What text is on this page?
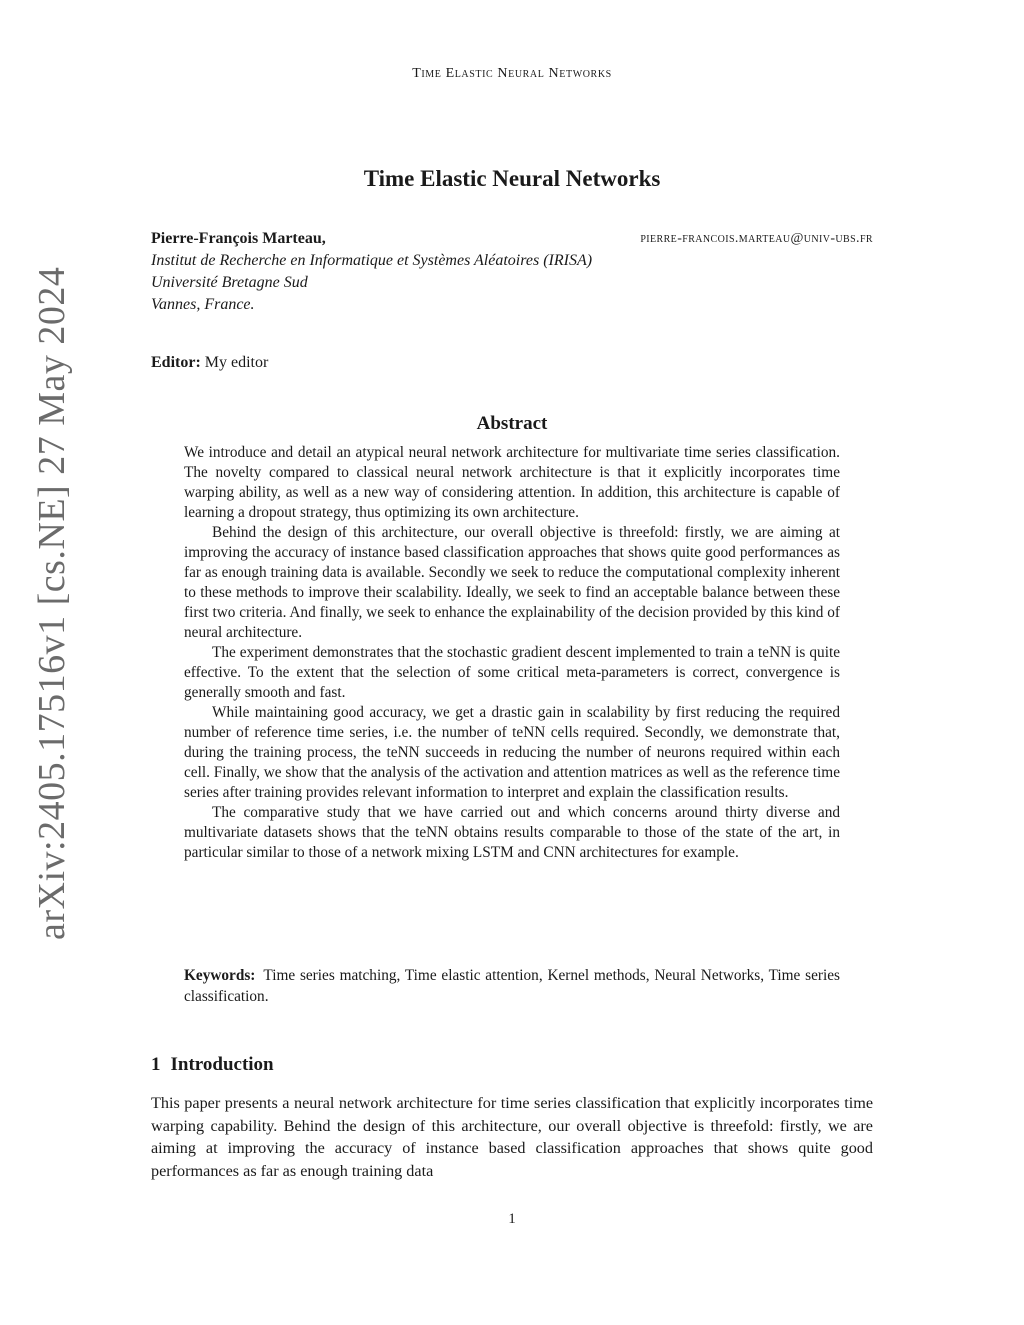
Time Elastic Neural Networks
arXiv:2405.17516v1 [cs.NE] 27 May 2024
Time Elastic Neural Networks
Pierre-François Marteau,	pierre-francois.marteau@univ-ubs.fr
Institut de Recherche en Informatique et Systèmes Aléatoires (IRISA)
Université Bretagne Sud
Vannes, France.
Editor: My editor
Abstract

We introduce and detail an atypical neural network architecture for multivariate time series classification. The novelty compared to classical neural network architecture is that it explicitly incorporates time warping ability, as well as a new way of considering attention. In addition, this architecture is capable of learning a dropout strategy, thus optimizing its own architecture.

Behind the design of this architecture, our overall objective is threefold: firstly, we are aiming at improving the accuracy of instance based classification approaches that shows quite good performances as far as enough training data is available. Secondly we seek to reduce the computational complexity inherent to these methods to improve their scalability. Ideally, we seek to find an acceptable balance between these first two criteria. And finally, we seek to enhance the explainability of the decision provided by this kind of neural architecture.

The experiment demonstrates that the stochastic gradient descent implemented to train a teNN is quite effective. To the extent that the selection of some critical meta-parameters is correct, convergence is generally smooth and fast.

While maintaining good accuracy, we get a drastic gain in scalability by first reducing the required number of reference time series, i.e. the number of teNN cells required. Secondly, we demonstrate that, during the training process, the teNN succeeds in reducing the number of neurons required within each cell. Finally, we show that the analysis of the activation and attention matrices as well as the reference time series after training provides relevant information to interpret and explain the classification results.

The comparative study that we have carried out and which concerns around thirty diverse and multivariate datasets shows that the teNN obtains results comparable to those of the state of the art, in particular similar to those of a network mixing LSTM and CNN architectures for example.

Keywords: Time series matching, Time elastic attention, Kernel methods, Neural Networks, Time series classification.
1 Introduction

This paper presents a neural network architecture for time series classification that explicitly incorporates time warping capability. Behind the design of this architecture, our overall objective is threefold: firstly, we are aiming at improving the accuracy of instance based classification approaches that shows quite good performances as far as enough training data

1
